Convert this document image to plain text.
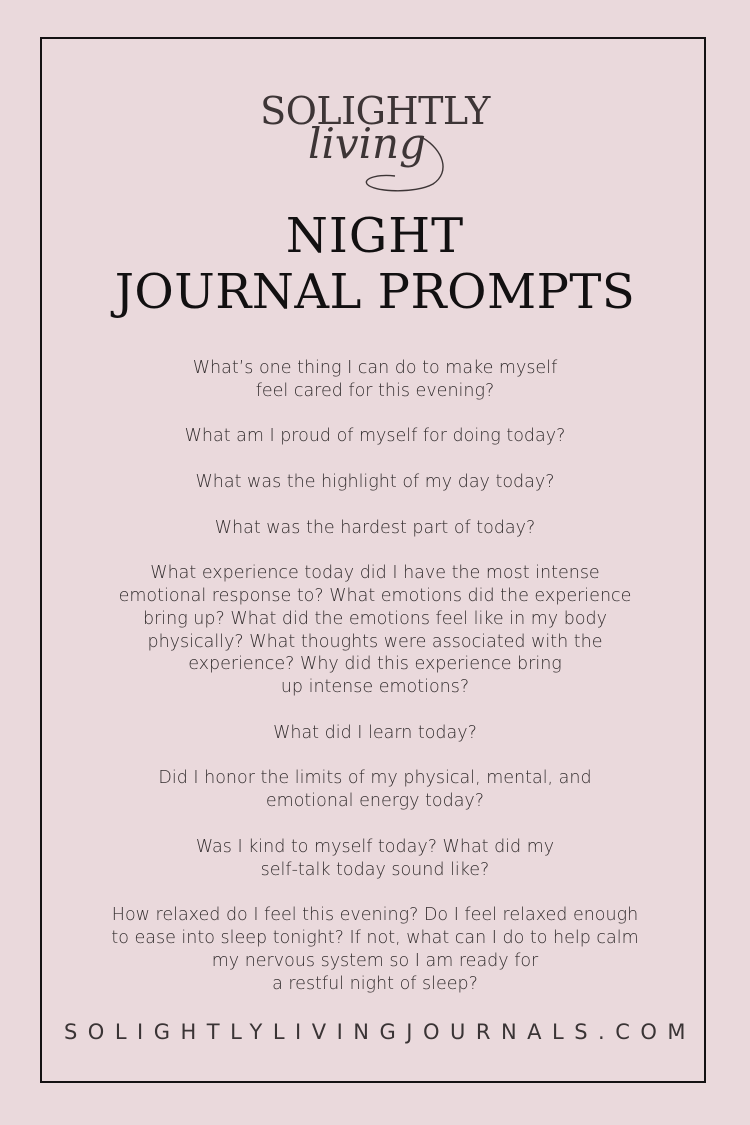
SOLIGHTLY
living
NIGHT
JOURNAL PROMPTS
What’s one thing I can do to make myself
feel cared for this evening?
What am I proud of myself for doing today?
What was the highlight of my day today?
What was the hardest part of today?
What experience today did I have the most intense
emotional response to? What emotions did the experience
bring up? What did the emotions feel like in my body
physically? What thoughts were associated with the
experience? Why did this experience bring
up intense emotions?
What did I learn today?
Did I honor the limits of my physical, mental, and
emotional energy today?
Was I kind to myself today? What did my
self-talk today sound like?
How relaxed do I feel this evening? Do I feel relaxed enough
to ease into sleep tonight? If not, what can I do to help calm
my nervous system so I am ready for
a restful night of sleep?
SOLIGHTLYLIVINGJOURNALS.COM
